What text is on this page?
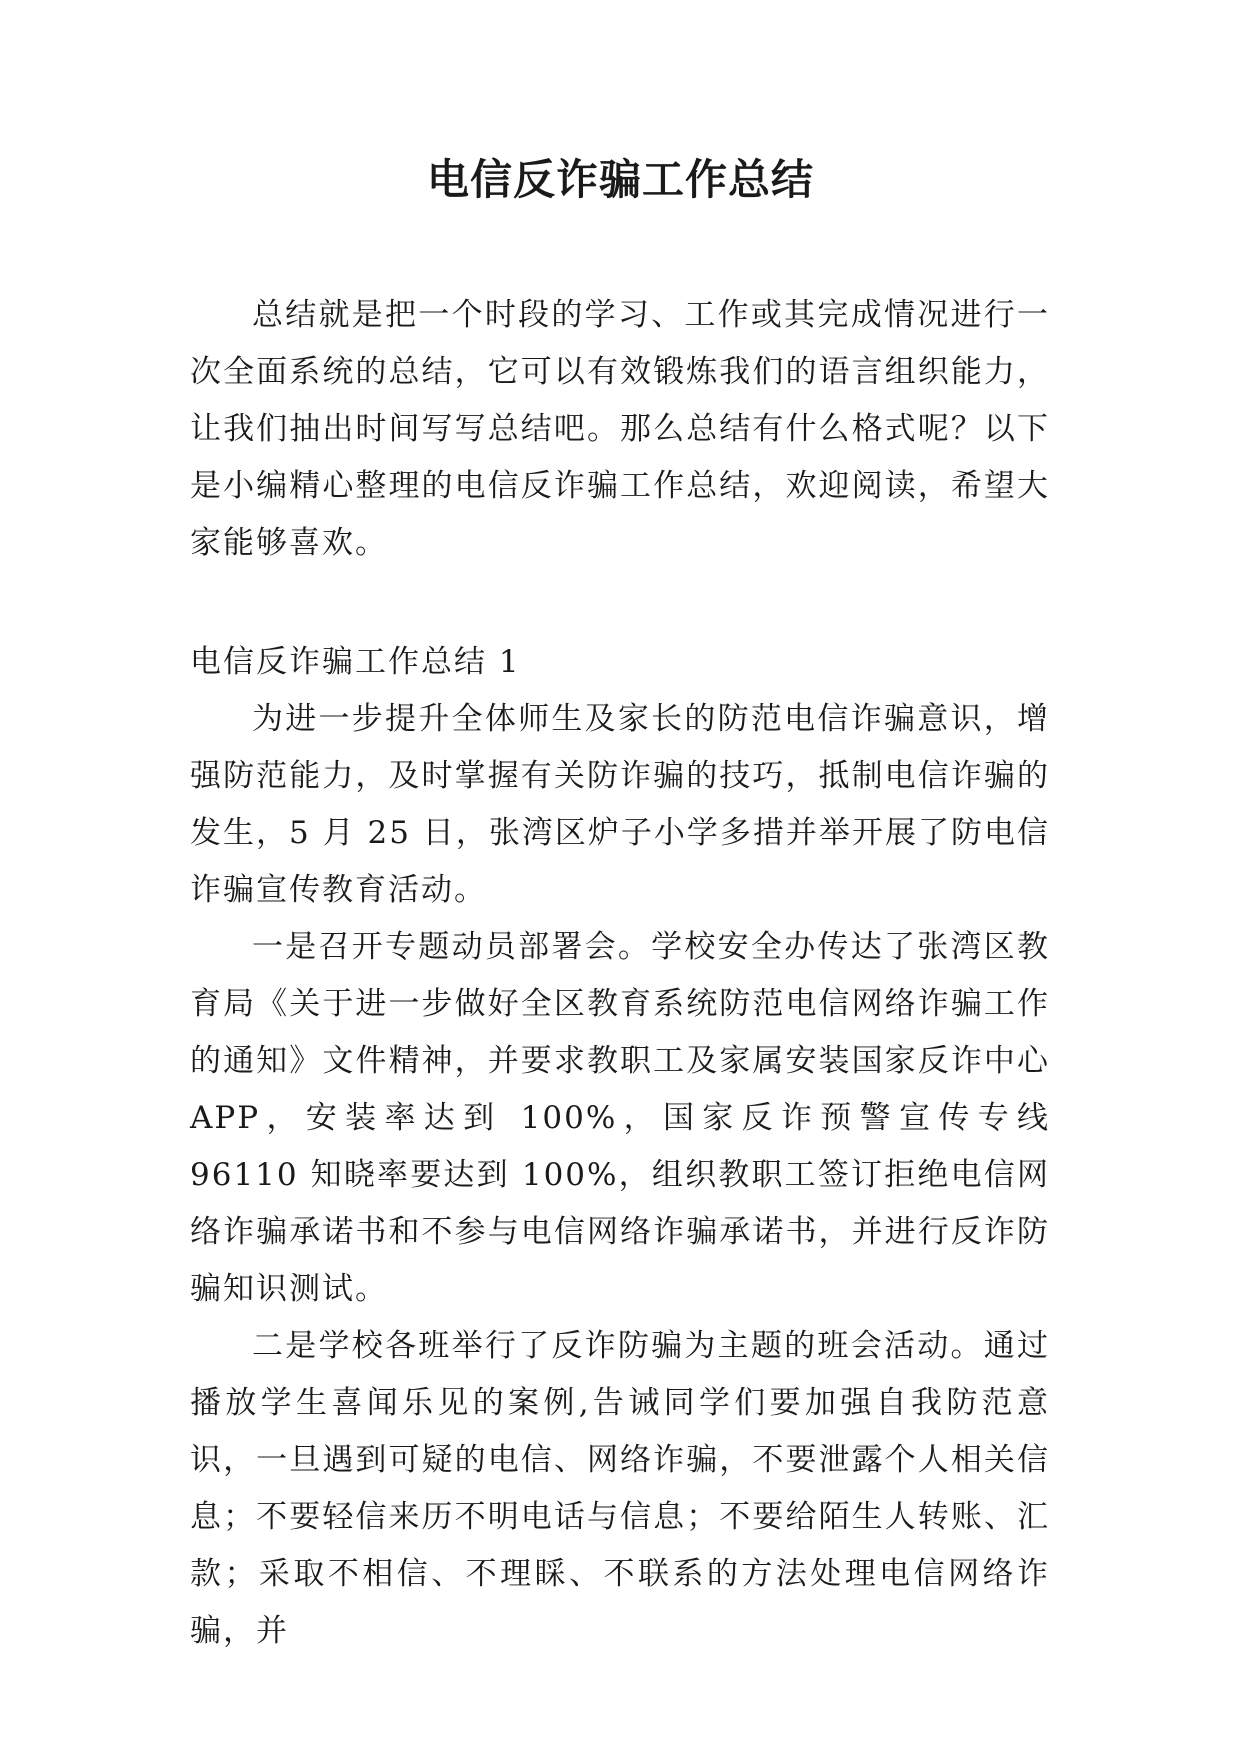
电信反诈骗工作总结

总结就是把一个时段的学习、工作或其完成情况进行一次全面系统的总结，它可以有效锻炼我们的语言组织能力，让我们抽出时间写写总结吧。那么总结有什么格式呢？以下是小编精心整理的电信反诈骗工作总结，欢迎阅读，希望大家能够喜欢。

电信反诈骗工作总结 1

为进一步提升全体师生及家长的防范电信诈骗意识，增强防范能力，及时掌握有关防诈骗的技巧，抵制电信诈骗的发生，5 月 25 日，张湾区炉子小学多措并举开展了防电信诈骗宣传教育活动。

一是召开专题动员部署会。学校安全办传达了张湾区教育局《关于进一步做好全区教育系统防范电信网络诈骗工作的通知》文件精神，并要求教职工及家属安装国家反诈中心 APP，安装率达到 100%，国家反诈预警宣传专线 96110 知晓率要达到 100%，组织教职工签订拒绝电信网络诈骗承诺书和不参与电信网络诈骗承诺书，并进行反诈防骗知识测试。

二是学校各班举行了反诈防骗为主题的班会活动。通过播放学生喜闻乐见的案例,告诫同学们要加强自我防范意识，一旦遇到可疑的电信、网络诈骗，不要泄露个人相关信息；不要轻信来历不明电话与信息；不要给陌生人转账、汇款；采取不相信、不理睬、不联系的方法处理电信网络诈骗，并
